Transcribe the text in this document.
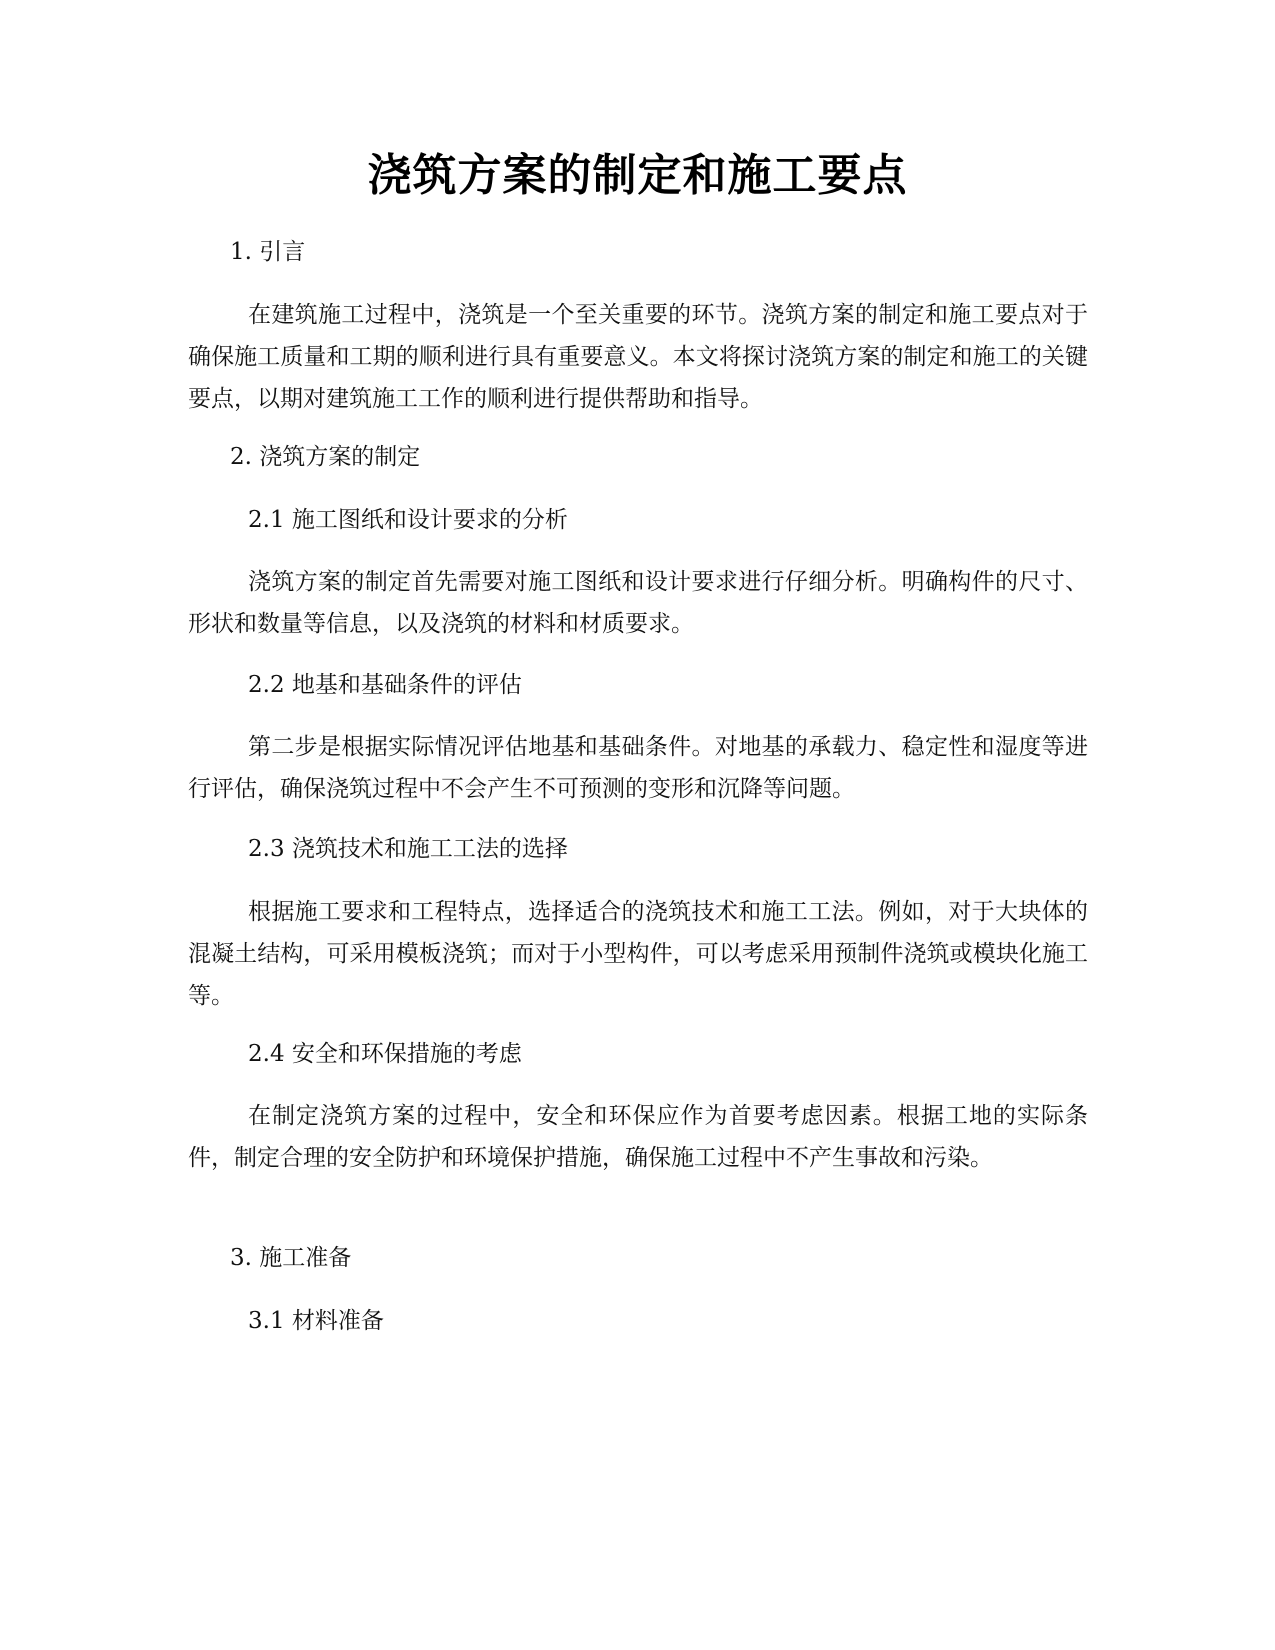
浇筑方案的制定和施工要点
1. 引言

在建筑施工过程中，浇筑是一个至关重要的环节。浇筑方案的制定和施工要点对于确保施工质量和工期的顺利进行具有重要意义。本文将探讨浇筑方案的制定和施工的关键要点，以期对建筑施工工作的顺利进行提供帮助和指导。

2. 浇筑方案的制定
2.1 施工图纸和设计要求的分析

浇筑方案的制定首先需要对施工图纸和设计要求进行仔细分析。明确构件的尺寸、形状和数量等信息，以及浇筑的材料和材质要求。

2.2 地基和基础条件的评估

第二步是根据实际情况评估地基和基础条件。对地基的承载力、稳定性和湿度等进行评估，确保浇筑过程中不会产生不可预测的变形和沉降等问题。

2.3 浇筑技术和施工工法的选择

根据施工要求和工程特点，选择适合的浇筑技术和施工工法。例如，对于大块体的混凝土结构，可采用模板浇筑；而对于小型构件，可以考虑采用预制件浇筑或模块化施工等。

2.4 安全和环保措施的考虑

在制定浇筑方案的过程中，安全和环保应作为首要考虑因素。根据工地的实际条件，制定合理的安全防护和环境保护措施，确保施工过程中不产生事故和污染。

3. 施工准备
3.1 材料准备
